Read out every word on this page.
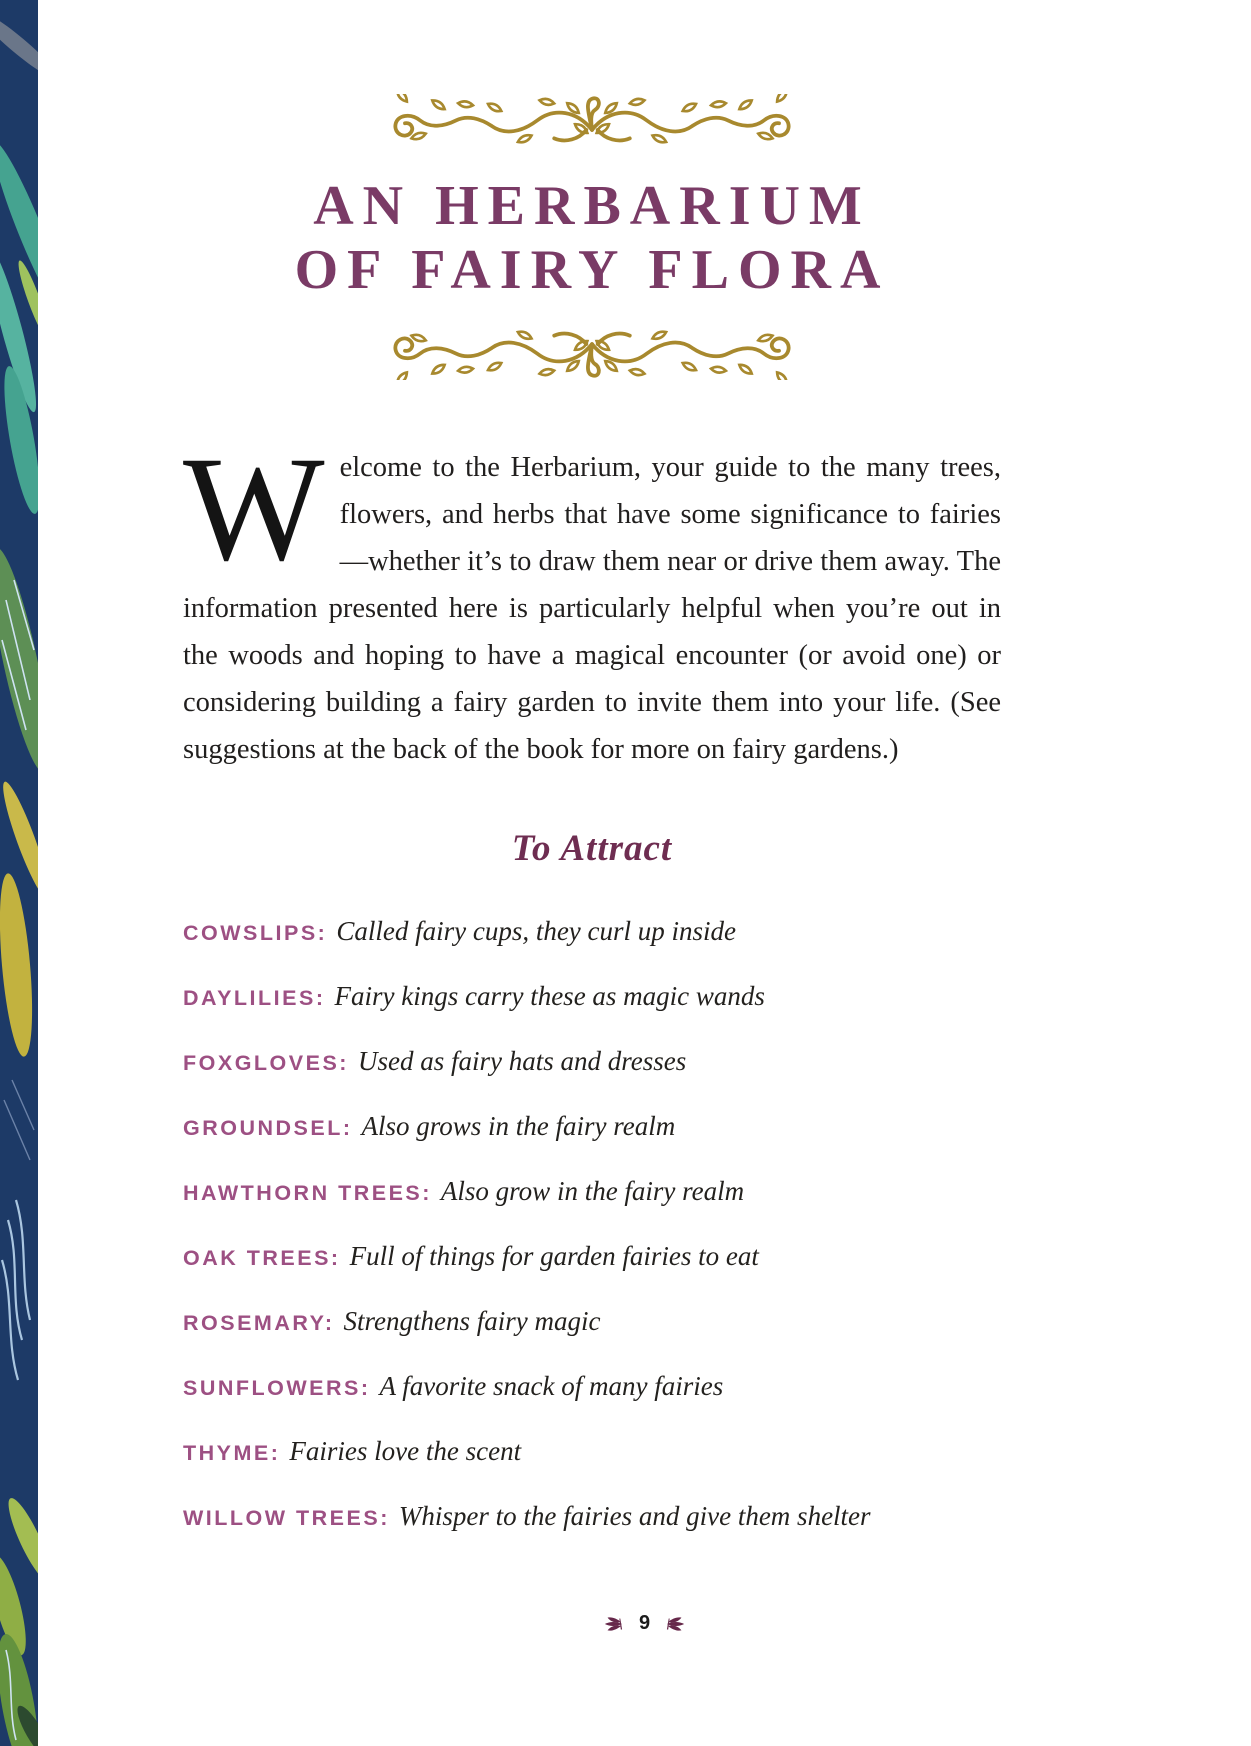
AN HERBARIUM
OF FAIRY FLORA

Welcome to the Herbarium, your guide to the many trees, flowers, and herbs that have some significance to fairies—whether it’s to draw them near or drive them away. The information presented here is particularly helpful when you’re out in the woods and hoping to have a magical encounter (or avoid one) or considering building a fairy garden to invite them into your life. (See suggestions at the back of the book for more on fairy gardens.)

To Attract
COWSLIPS: Called fairy cups, they curl up inside
DAYLILIES: Fairy kings carry these as magic wands
FOXGLOVES: Used as fairy hats and dresses
GROUNDSEL: Also grows in the fairy realm
HAWTHORN TREES: Also grow in the fairy realm
OAK TREES: Full of things for garden fairies to eat
ROSEMARY: Strengthens fairy magic
SUNFLOWERS: A favorite snack of many fairies
THYME: Fairies love the scent
WILLOW TREES: Whisper to the fairies and give them shelter
9
